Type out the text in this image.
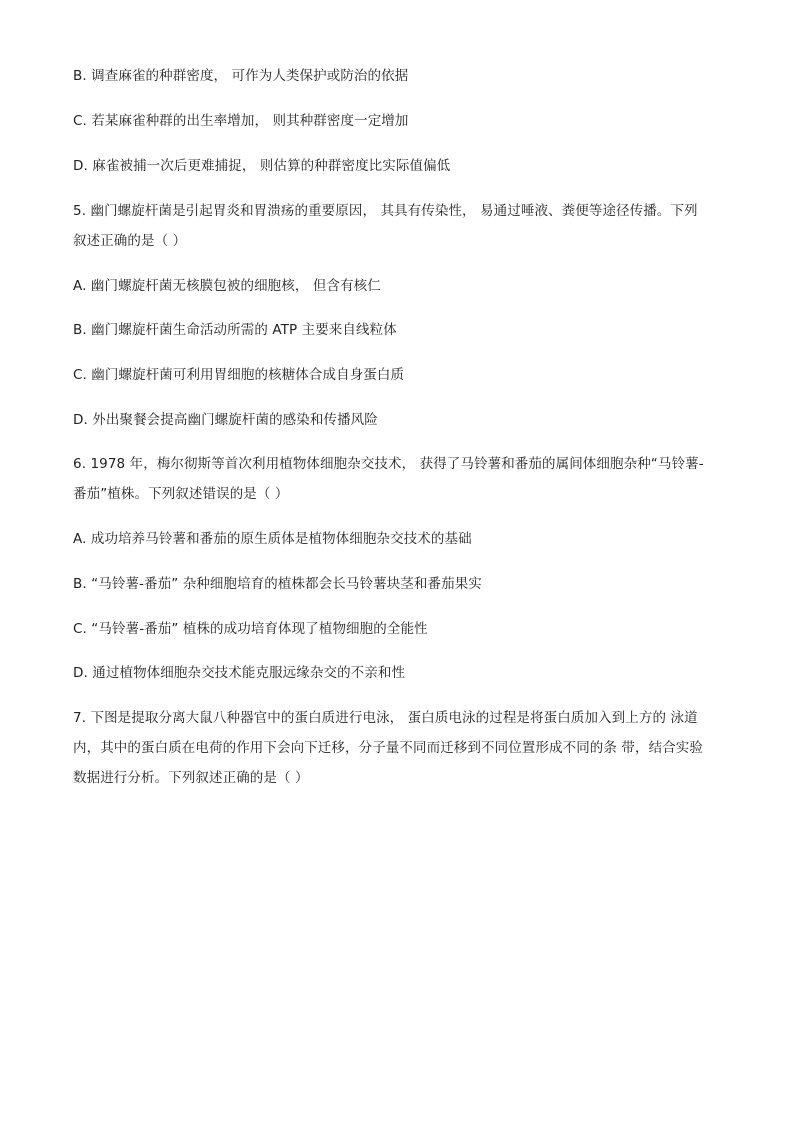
B. 调查麻雀的种群密度， 可作为人类保护或防治的依据
C. 若某麻雀种群的出生率增加， 则其种群密度一定增加
D. 麻雀被捕一次后更难捕捉， 则估算的种群密度比实际值偏低
5. 幽门螺旋杆菌是引起胃炎和胃溃疡的重要原因， 其具有传染性， 易通过唾液、粪便等途径传播。下列
叙述正确的是（ ）
A. 幽门螺旋杆菌无核膜包被的细胞核， 但含有核仁
B. 幽门螺旋杆菌生命活动所需的 ATP 主要来自线粒体
C. 幽门螺旋杆菌可利用胃细胞的核糖体合成自身蛋白质
D. 外出聚餐会提高幽门螺旋杆菌的感染和传播风险
6. 1978 年，梅尔彻斯等首次利用植物体细胞杂交技术， 获得了马铃薯和番茄的属间体细胞杂种“马铃薯-
番茄”植株。下列叙述错误的是（ ）
A. 成功培养马铃薯和番茄的原生质体是植物体细胞杂交技术的基础
B. “马铃薯-番茄” 杂种细胞培育的植株都会长马铃薯块茎和番茄果实
C. “马铃薯-番茄” 植株的成功培育体现了植物细胞的全能性
D. 通过植物体细胞杂交技术能克服远缘杂交的不亲和性
7. 下图是提取分离大鼠八种器官中的蛋白质进行电泳， 蛋白质电泳的过程是将蛋白质加入到上方的 泳道
内，其中的蛋白质在电荷的作用下会向下迁移，分子量不同而迁移到不同位置形成不同的条 带，结合实验
数据进行分析。下列叙述正确的是（ ）
